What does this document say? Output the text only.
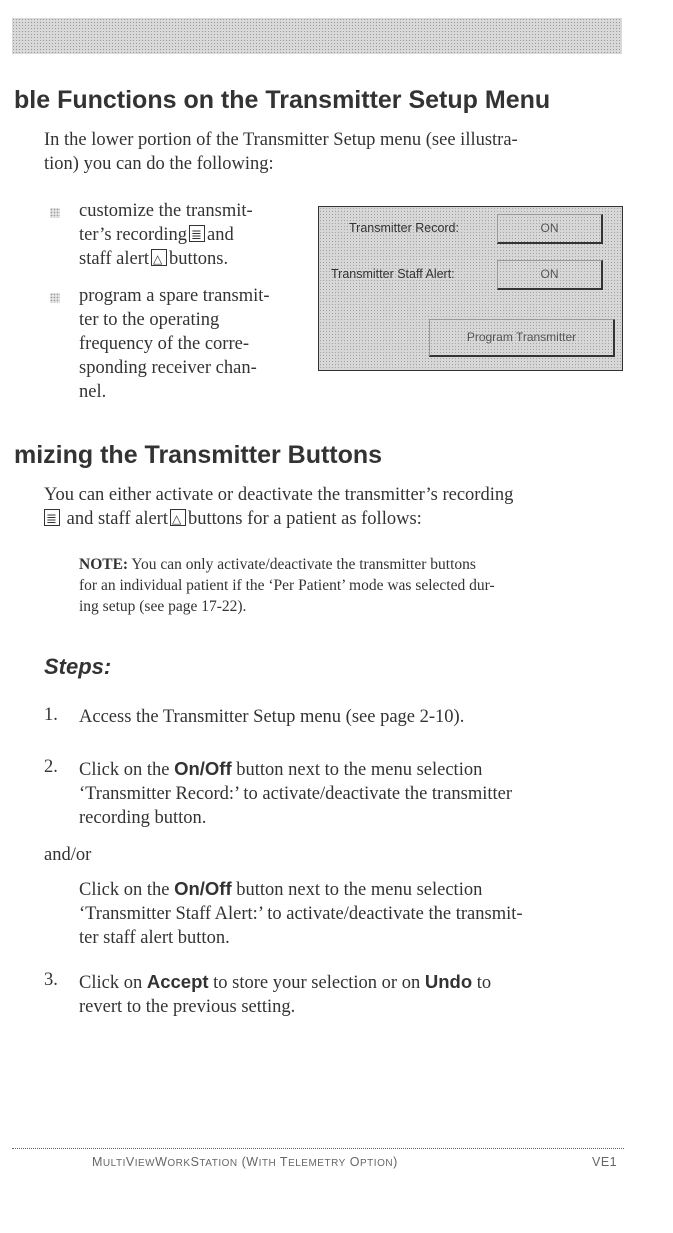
ble Functions on the Transmitter Setup Menu
In the lower portion of the Transmitter Setup menu (see illustra-
tion) you can do the following:
customize the transmit-
ter’s recording ≣ and
staff alert △ buttons.
program a spare transmit-
ter to the operating
frequency of the corre-
sponding receiver chan-
nel.
Transmitter Record:	ON
Transmitter Staff Alert:	ON
Program Transmitter
mizing the Transmitter Buttons
You can either activate or deactivate the transmitter’s recording
≣ and staff alert △ buttons for a patient as follows:
NOTE: You can only activate/deactivate the transmitter buttons
for an individual patient if the ‘Per Patient’ mode was selected dur-
ing setup (see page 17-22).
Steps:
1. Access the Transmitter Setup menu (see page 2-10).
2. Click on the On/Off button next to the menu selection
‘Transmitter Record:’ to activate/deactivate the transmitter
recording button.
and/or
Click on the On/Off button next to the menu selection
‘Transmitter Staff Alert:’ to activate/deactivate the transmit-
ter staff alert button.
3. Click on Accept to store your selection or on Undo to
revert to the previous setting.
MULTIVIEWWORKSTATION (WITH TELEMETRY OPTION)	VE1
